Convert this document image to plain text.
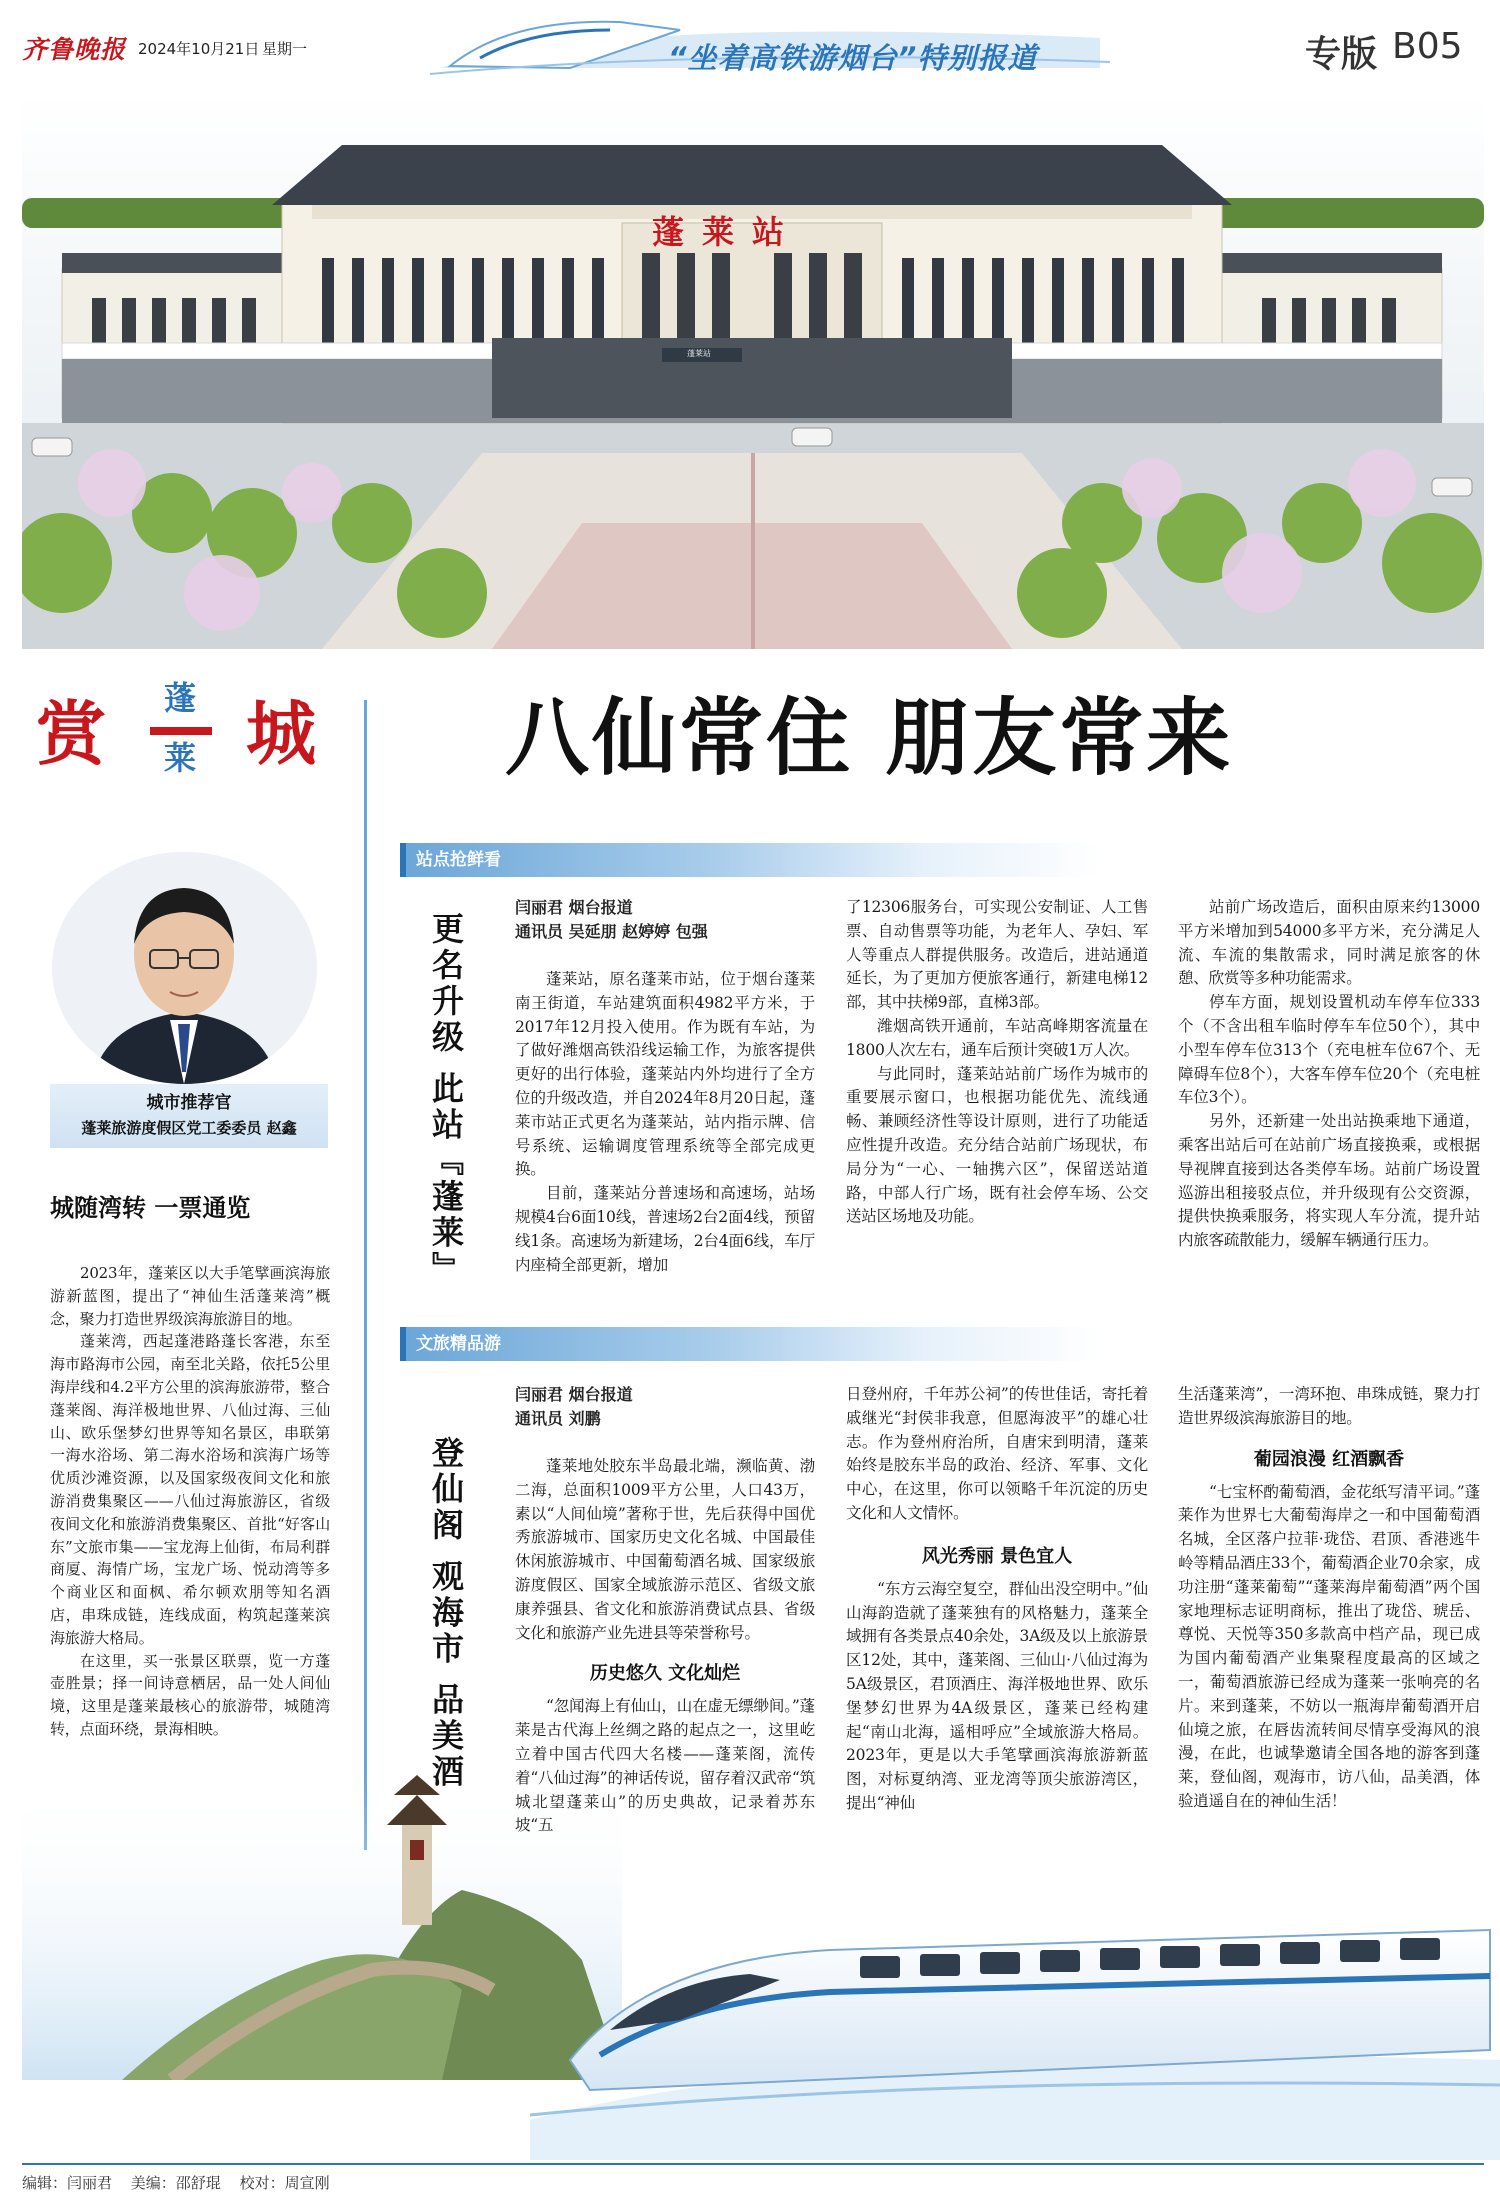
齐鲁晚报 2024年10月21日 星期一	“坐着高铁游烟台”特别报道	专版 B05
蓬莱站
蓬莱站
赏 蓬
莱 城
城市推荐官
蓬莱旅游度假区党工委委员 赵鑫
八仙常住 朋友常来
城随湾转 一票通览

2023年，蓬莱区以大手笔擘画滨海旅游新蓝图，提出了“神仙生活蓬莱湾”概念，聚力打造世界级滨海旅游目的地。

蓬莱湾，西起蓬港路蓬长客港，东至海市路海市公园，南至北关路，依托5公里海岸线和4.2平方公里的滨海旅游带，整合蓬莱阁、海洋极地世界、八仙过海、三仙山、欧乐堡梦幻世界等知名景区，串联第一海水浴场、第二海水浴场和滨海广场等优质沙滩资源，以及国家级夜间文化和旅游消费集聚区——八仙过海旅游区，省级夜间文化和旅游消费集聚区、首批“好客山东”文旅市集——宝龙海上仙街，布局利群商厦、海情广场，宝龙广场、悦动湾等多个商业区和面枫、希尔顿欢朋等知名酒店，串珠成链，连线成面，构筑起蓬莱滨海旅游大格局。

在这里，买一张景区联票，览一方蓬壶胜景；择一间诗意栖居，品一处人间仙境，这里是蓬莱最核心的旅游带，城随湾转，点面环绕，景海相映。

站点抢鲜看
更名升级 此站『蓬莱』
闫丽君 烟台报道
通讯员 吴延朋 赵婷婷 包强

蓬莱站，原名蓬莱市站，位于烟台蓬莱南王街道，车站建筑面积4982平方米，于2017年12月投入使用。作为既有车站，为了做好潍烟高铁沿线运输工作，为旅客提供更好的出行体验，蓬莱站内外均进行了全方位的升级改造，并自2024年8月20日起，蓬莱市站正式更名为蓬莱站，站内指示牌、信号系统、运输调度管理系统等全部完成更换。

目前，蓬莱站分普速场和高速场，站场规模4台6面10线，普速场2台2面4线，预留线1条。高速场为新建场，2台4面6线，车厅内座椅全部更新，增加

了12306服务台，可实现公安制证、人工售票、自动售票等功能，为老年人、孕妇、军人等重点人群提供服务。改造后，进站通道延长，为了更加方便旅客通行，新建电梯12部，其中扶梯9部，直梯3部。

潍烟高铁开通前，车站高峰期客流量在1800人次左右，通车后预计突破1万人次。

与此同时，蓬莱站站前广场作为城市的重要展示窗口，也根据功能优先、流线通畅、兼顾经济性等设计原则，进行了功能适应性提升改造。充分结合站前广场现状，布局分为“一心、一轴携六区”，保留送站道路，中部人行广场，既有社会停车场、公交送站区场地及功能。

站前广场改造后，面积由原来约13000平方米增加到54000多平方米，充分满足人流、车流的集散需求，同时满足旅客的休憩、欣赏等多种功能需求。

停车方面，规划设置机动车停车位333个（不含出租车临时停车车位50个），其中小型车停车位313个（充电桩车位67个、无障碍车位8个），大客车停车位20个（充电桩车位3个）。

另外，还新建一处出站换乘地下通道，乘客出站后可在站前广场直接换乘，或根据导视牌直接到达各类停车场。站前广场设置巡游出租接驳点位，并升级现有公交资源，提供快换乘服务，将实现人车分流，提升站内旅客疏散能力，缓解车辆通行压力。

文旅精品游
登仙阁 观海市 品美酒
闫丽君 烟台报道
通讯员 刘鹏

蓬莱地处胶东半岛最北端，濒临黄、渤二海，总面积1009平方公里，人口43万，素以“人间仙境”著称于世，先后获得中国优秀旅游城市、国家历史文化名城、中国最佳休闲旅游城市、中国葡萄酒名城、国家级旅游度假区、国家全域旅游示范区、省级文旅康养强县、省文化和旅游消费试点县、省级文化和旅游产业先进县等荣誉称号。

历史悠久 文化灿烂

“忽闻海上有仙山，山在虚无缥缈间。”蓬莱是古代海上丝绸之路的起点之一，这里屹立着中国古代四大名楼——蓬莱阁，流传着“八仙过海”的神话传说，留存着汉武帝“筑城北望蓬莱山”的历史典故，记录着苏东坡“五

日登州府，千年苏公祠”的传世佳话，寄托着戚继光“封侯非我意，但愿海波平”的雄心壮志。作为登州府治所，自唐宋到明清，蓬莱始终是胶东半岛的政治、经济、军事、文化中心，在这里，你可以领略千年沉淀的历史文化和人文情怀。

风光秀丽 景色宜人

“东方云海空复空，群仙出没空明中。”仙山海韵造就了蓬莱独有的风格魅力，蓬莱全域拥有各类景点40余处，3A级及以上旅游景区12处，其中，蓬莱阁、三仙山·八仙过海为5A级景区，君顶酒庄、海洋极地世界、欧乐堡梦幻世界为4A级景区，蓬莱已经构建起“南山北海，遥相呼应”全域旅游大格局。2023年，更是以大手笔擘画滨海旅游新蓝图，对标夏纳湾、亚龙湾等顶尖旅游湾区，提出“神仙

生活蓬莱湾”，一湾环抱、串珠成链，聚力打造世界级滨海旅游目的地。

葡园浪漫 红酒飘香

“七宝杯酌葡萄酒，金花纸写清平词。”蓬莱作为世界七大葡萄海岸之一和中国葡萄酒名城，全区落户拉菲·珑岱、君顶、香港逃牛岭等精品酒庄33个，葡萄酒企业70余家，成功注册“蓬莱葡萄”“蓬莱海岸葡萄酒”两个国家地理标志证明商标，推出了珑岱、琥岳、尊悦、天悦等350多款高中档产品，现已成为国内葡萄酒产业集聚程度最高的区域之一，葡萄酒旅游已经成为蓬莱一张响亮的名片。来到蓬莱，不妨以一瓶海岸葡萄酒开启仙境之旅，在唇齿流转间尽情享受海风的浪漫，在此，也诚挚邀请全国各地的游客到蓬莱，登仙阁，观海市，访八仙，品美酒，体验逍遥自在的神仙生活！

编辑：闫丽君 美编：邵舒琨 校对：周宣刚
